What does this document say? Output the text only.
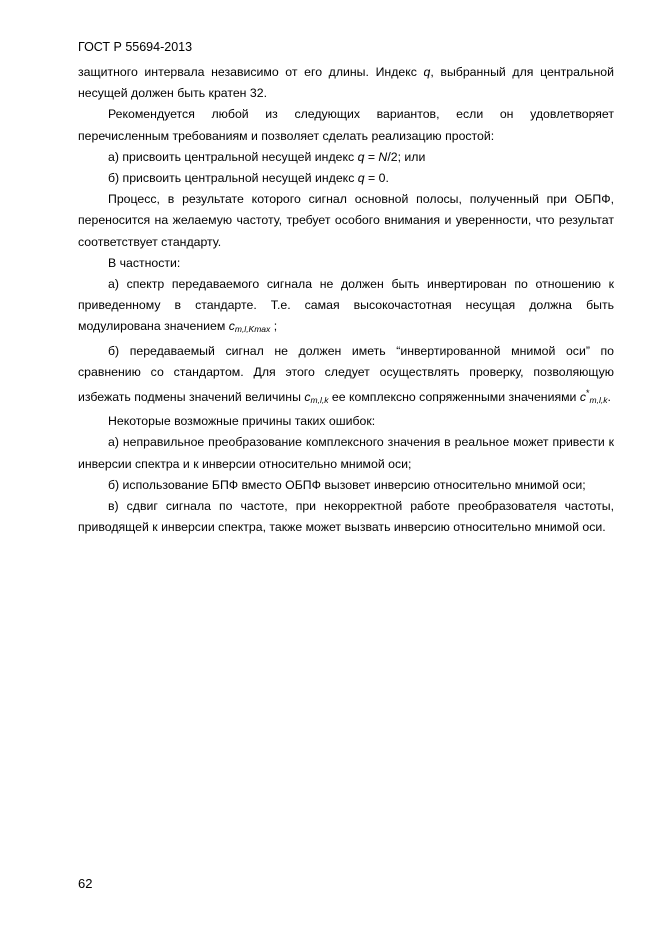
ГОСТ Р 55694-2013

защитного интервала независимо от его длины. Индекс q, выбранный для центральной несущей должен быть кратен 32.

Рекомендуется любой из следующих вариантов, если он удовлетворяет перечисленным требованиям и позволяет сделать реализацию простой:

а) присвоить центральной несущей индекс q = N/2; или

б) присвоить центральной несущей индекс q = 0.

Процесс, в результате которого сигнал основной полосы, полученный при ОБПФ, переносится на желаемую частоту, требует особого внимания и уверенности, что результат соответствует стандарту.

В частности:

а) спектр передаваемого сигнала не должен быть инвертирован по отношению к приведенному в стандарте. Т.е. самая высокочастотная несущая должна быть модулирована значением $c_{m,l,Kmax}$ ;

б) передаваемый сигнал не должен иметь “инвертированной мнимой оси” по сравнению со стандартом. Для этого следует осуществлять проверку, позволяющую избежать подмены значений величины $c_{m,l,k}$ ее комплексно сопряженными значениями $c^*_{m,l,k}$.

Некоторые возможные причины таких ошибок:

а) неправильное преобразование комплексного значения в реальное может привести к инверсии спектра и к инверсии относительно мнимой оси;

б) использование БПФ вместо ОБПФ вызовет инверсию относительно мнимой оси;

в) сдвиг сигнала по частоте, при некорректной работе преобразователя частоты, приводящей к инверсии спектра, также может вызвать инверсию относительно мнимой оси.

62
